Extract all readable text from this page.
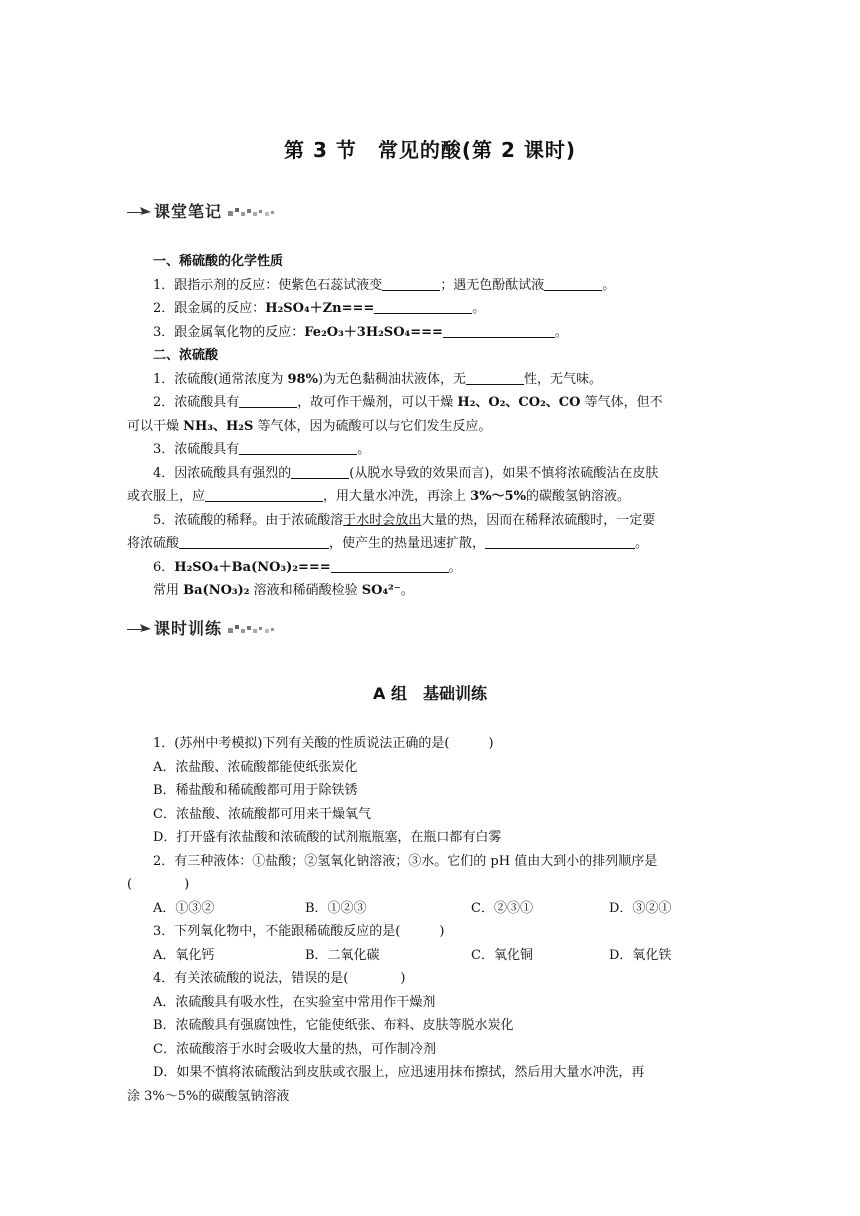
第 3 节　常见的酸(第 2 课时)
课堂笔记
一、稀硫酸的化学性质
1．跟指示剂的反应：使紫色石蕊试液变	；遇无色酚酞试液	。
2．跟金属的反应：H₂SO₄＋Zn===	。
3．跟金属氧化物的反应：Fe₂O₃＋3H₂SO₄===	。
二、浓硫酸
1．浓硫酸(通常浓度为 98%)为无色黏稠油状液体，无	性，无气味。
2．浓硫酸具有	，故可作干燥剂，可以干燥 H₂、O₂、CO₂、CO 等气体，但不
可以干燥 NH₃、H₂S 等气体，因为硫酸可以与它们发生反应。
3．浓硫酸具有	。
4．因浓硫酸具有强烈的	(从脱水导致的效果而言)，如果不慎将浓硫酸沾在皮肤
或衣服上，应	，用大量水冲洗，再涂上 3%～5%的碳酸氢钠溶液。
5．浓硫酸的稀释。由于浓硫酸溶于水时会放出大量的热，因而在稀释浓硫酸时，一定要
将浓硫酸	，使产生的热量迅速扩散，	。
6．H₂SO₄＋Ba(NO₃)₂===	。
常用 Ba(NO₃)₂ 溶液和稀硝酸检验 SO₄²⁻。
课时训练
A 组　基础训练
1．(苏州中考模拟)下列有关酸的性质说法正确的是(　　　)
A．浓盐酸、浓硫酸都能使纸张炭化
B．稀盐酸和稀硫酸都可用于除铁锈
C．浓盐酸、浓硫酸都可用来干燥氧气
D．打开盛有浓盐酸和浓硫酸的试剂瓶瓶塞，在瓶口都有白雾
2．有三种液体：①盐酸；②氢氧化钠溶液；③水。它们的 pH 值由大到小的排列顺序是
(　　　　)
A．①③②	B．①②③	C．②③①	D．③②①
3．下列氧化物中，不能跟稀硫酸反应的是(　　　)
A．氧化钙	B．二氧化碳	C．氧化铜	D．氧化铁
4．有关浓硫酸的说法，错误的是(　　　　)
A．浓硫酸具有吸水性，在实验室中常用作干燥剂
B．浓硫酸具有强腐蚀性，它能使纸张、布料、皮肤等脱水炭化
C．浓硫酸溶于水时会吸收大量的热，可作制冷剂
D．如果不慎将浓硫酸沾到皮肤或衣服上，应迅速用抹布擦拭，然后用大量水冲洗，再
涂 3%～5%的碳酸氢钠溶液
